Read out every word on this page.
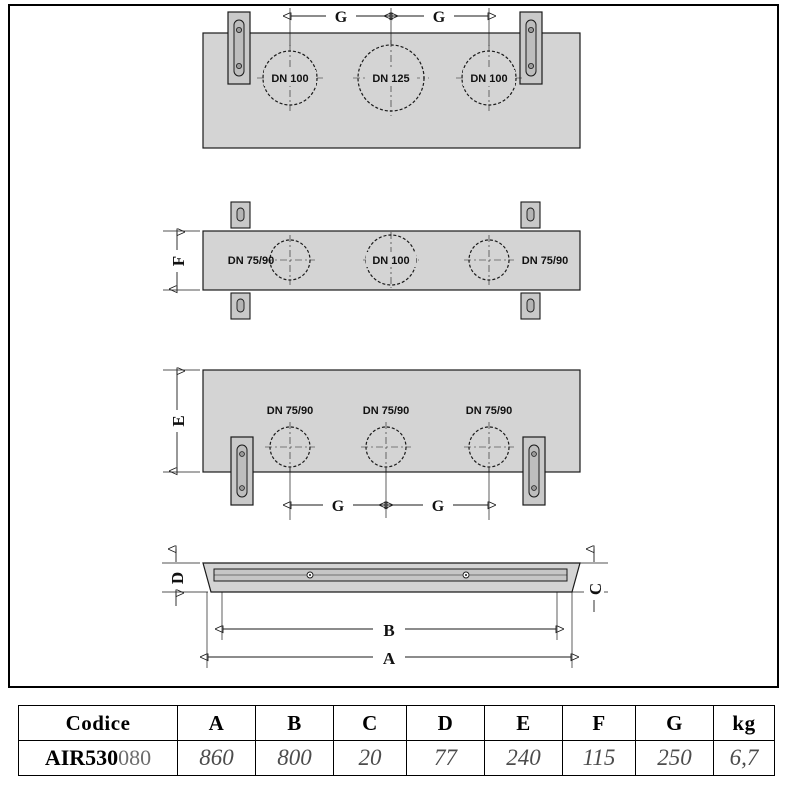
DN 100	DN 125	DN 100
G	G
DN 75/90	DN 100	DN 75/90
F
DN 75/90	DN 75/90	DN 75/90
E
G	G
D
C
B
A
Codice	A	B	C	D	E	F	G	kg
AIR530080	860	800	20	77	240	115	250	6,7
